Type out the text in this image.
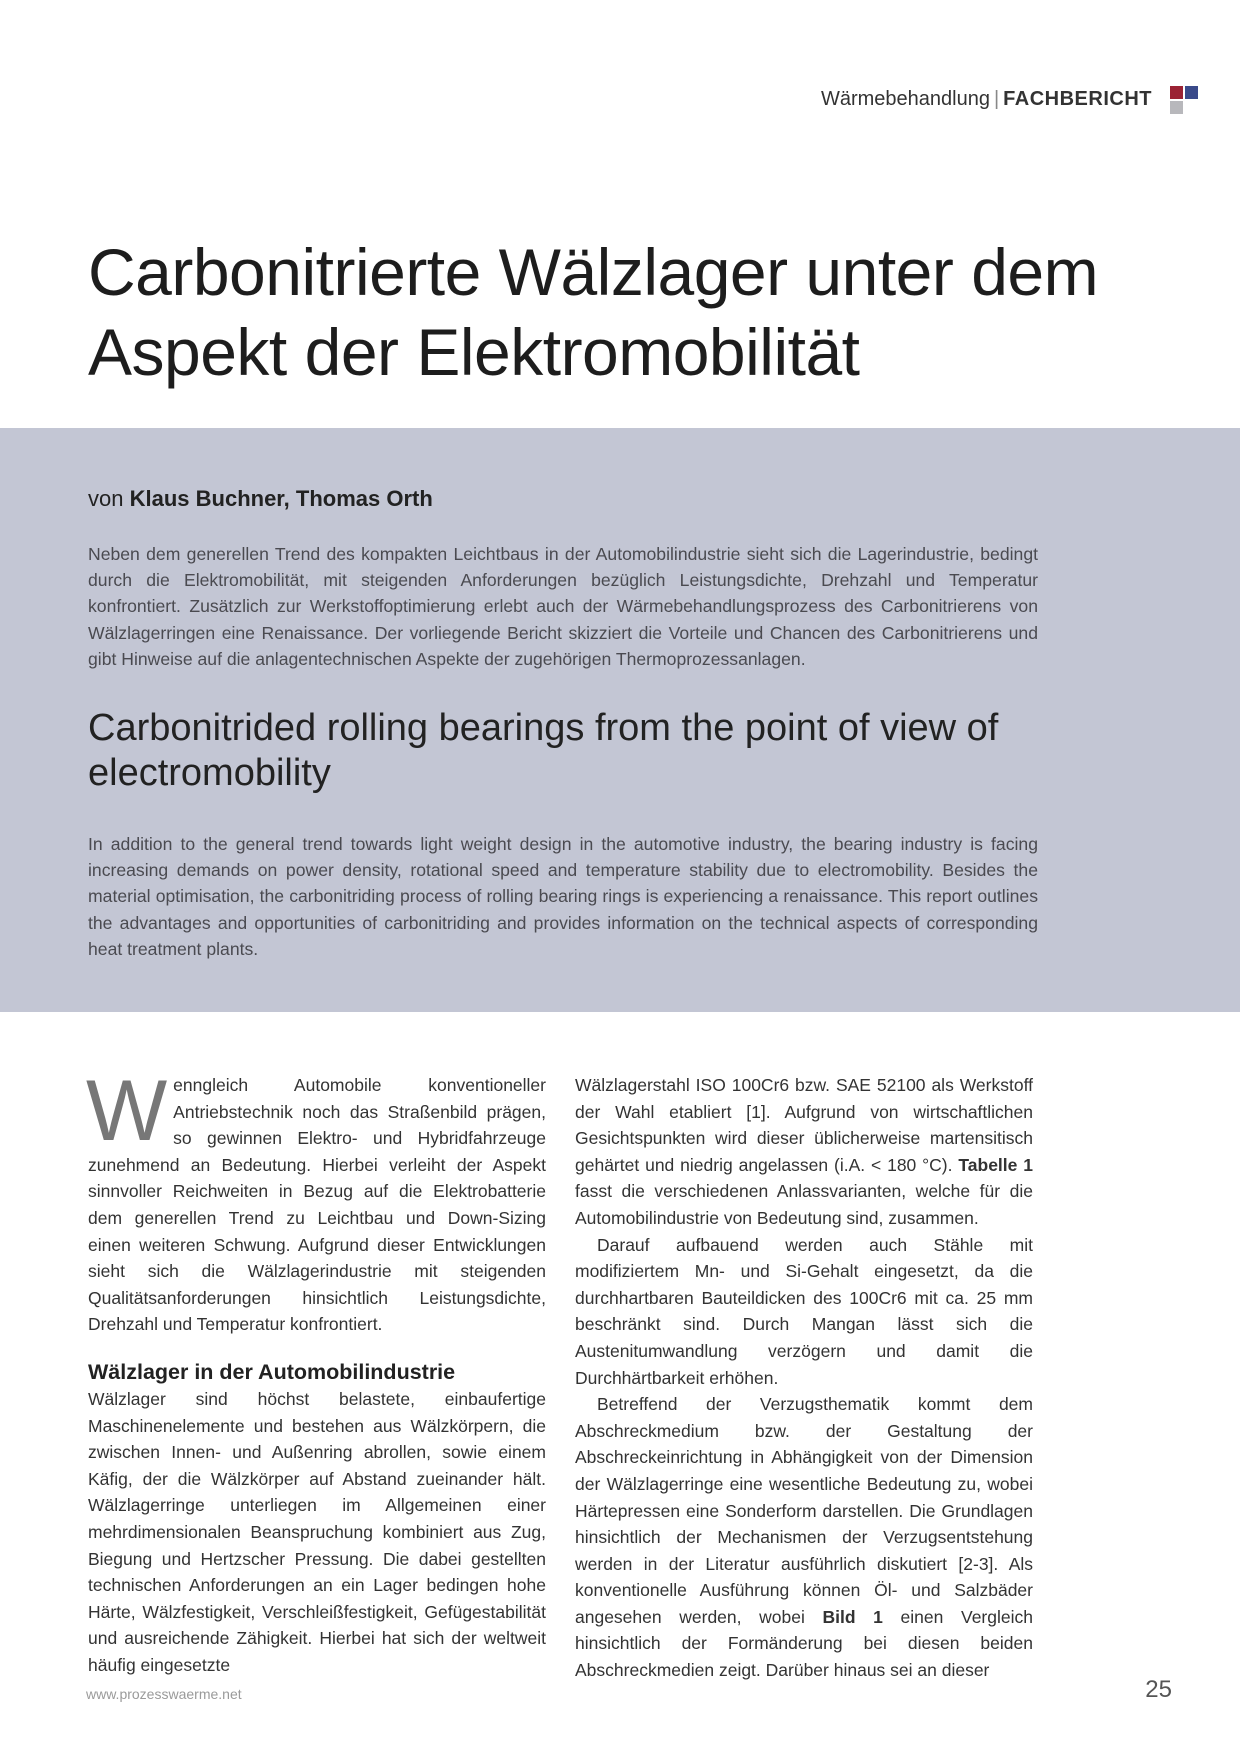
Wärmebehandlung | FACHBERICHT
Carbonitrierte Wälzlager unter dem Aspekt der Elektromobilität
von Klaus Buchner, Thomas Orth

Neben dem generellen Trend des kompakten Leichtbaus in der Automobilindustrie sieht sich die Lagerindustrie, bedingt durch die Elektromobilität, mit steigenden Anforderungen bezüglich Leistungsdichte, Drehzahl und Temperatur konfrontiert. Zusätzlich zur Werkstoffoptimierung erlebt auch der Wärmebehandlungsprozess des Carbonitrierens von Wälzlagerringen eine Renaissance. Der vorliegende Bericht skizziert die Vorteile und Chancen des Carbonitrierens und gibt Hinweise auf die anlagentechnischen Aspekte der zugehörigen Thermoprozessanlagen.

Carbonitrided rolling bearings from the point of view of electromobility

In addition to the general trend towards light weight design in the automotive industry, the bearing industry is facing increasing demands on power density, rotational speed and temperature stability due to electromobility. Besides the material optimisation, the carbonitriding process of rolling bearing rings is experiencing a renaissance. This report outlines the advantages and opportunities of carbonitriding and provides information on the technical aspects of corresponding heat treatment plants.

Wenngleich Automobile konventioneller Antriebstechnik noch das Straßenbild prägen, so gewinnen Elektro- und Hybridfahrzeuge zunehmend an Bedeutung. Hierbei verleiht der Aspekt sinnvoller Reichweiten in Bezug auf die Elektrobatterie dem generellen Trend zu Leichtbau und Down-Sizing einen weiteren Schwung. Aufgrund dieser Entwicklungen sieht sich die Wälzlagerindustrie mit steigenden Qualitätsanforderungen hinsichtlich Leistungsdichte, Drehzahl und Temperatur konfrontiert.

Wälzlager in der Automobilindustrie

Wälzlager sind höchst belastete, einbaufertige Maschinenelemente und bestehen aus Wälzkörpern, die zwischen Innen- und Außenring abrollen, sowie einem Käfig, der die Wälzkörper auf Abstand zueinander hält. Wälzlagerringe unterliegen im Allgemeinen einer mehrdimensionalen Beanspruchung kombiniert aus Zug, Biegung und Hertzscher Pressung. Die dabei gestellten technischen Anforderungen an ein Lager bedingen hohe Härte, Wälzfestigkeit, Verschleißfestigkeit, Gefügestabilität und ausreichende Zähigkeit. Hierbei hat sich der weltweit häufig eingesetzte

Wälzlagerstahl ISO 100Cr6 bzw. SAE 52100 als Werkstoff der Wahl etabliert [1]. Aufgrund von wirtschaftlichen Gesichtspunkten wird dieser üblicherweise martensitisch gehärtet und niedrig angelassen (i.A. < 180 °C). Tabelle 1 fasst die verschiedenen Anlassvarianten, welche für die Automobilindustrie von Bedeutung sind, zusammen.

Darauf aufbauend werden auch Stähle mit modifiziertem Mn- und Si-Gehalt eingesetzt, da die durchhartbaren Bauteildicken des 100Cr6 mit ca. 25 mm beschränkt sind. Durch Mangan lässt sich die Austenitumwandlung verzögern und damit die Durchhärtbarkeit erhöhen.

Betreffend der Verzugsthematik kommt dem Abschreckmedium bzw. der Gestaltung der Abschreckeinrichtung in Abhängigkeit von der Dimension der Wälzlagerringe eine wesentliche Bedeutung zu, wobei Härtepressen eine Sonderform darstellen. Die Grundlagen hinsichtlich der Mechanismen der Verzugsentstehung werden in der Literatur ausführlich diskutiert [2-3]. Als konventionelle Ausführung können Öl- und Salzbäder angesehen werden, wobei Bild 1 einen Vergleich hinsichtlich der Formänderung bei diesen beiden Abschreckmedien zeigt. Darüber hinaus sei an dieser

www.prozesswaerme.net	25
